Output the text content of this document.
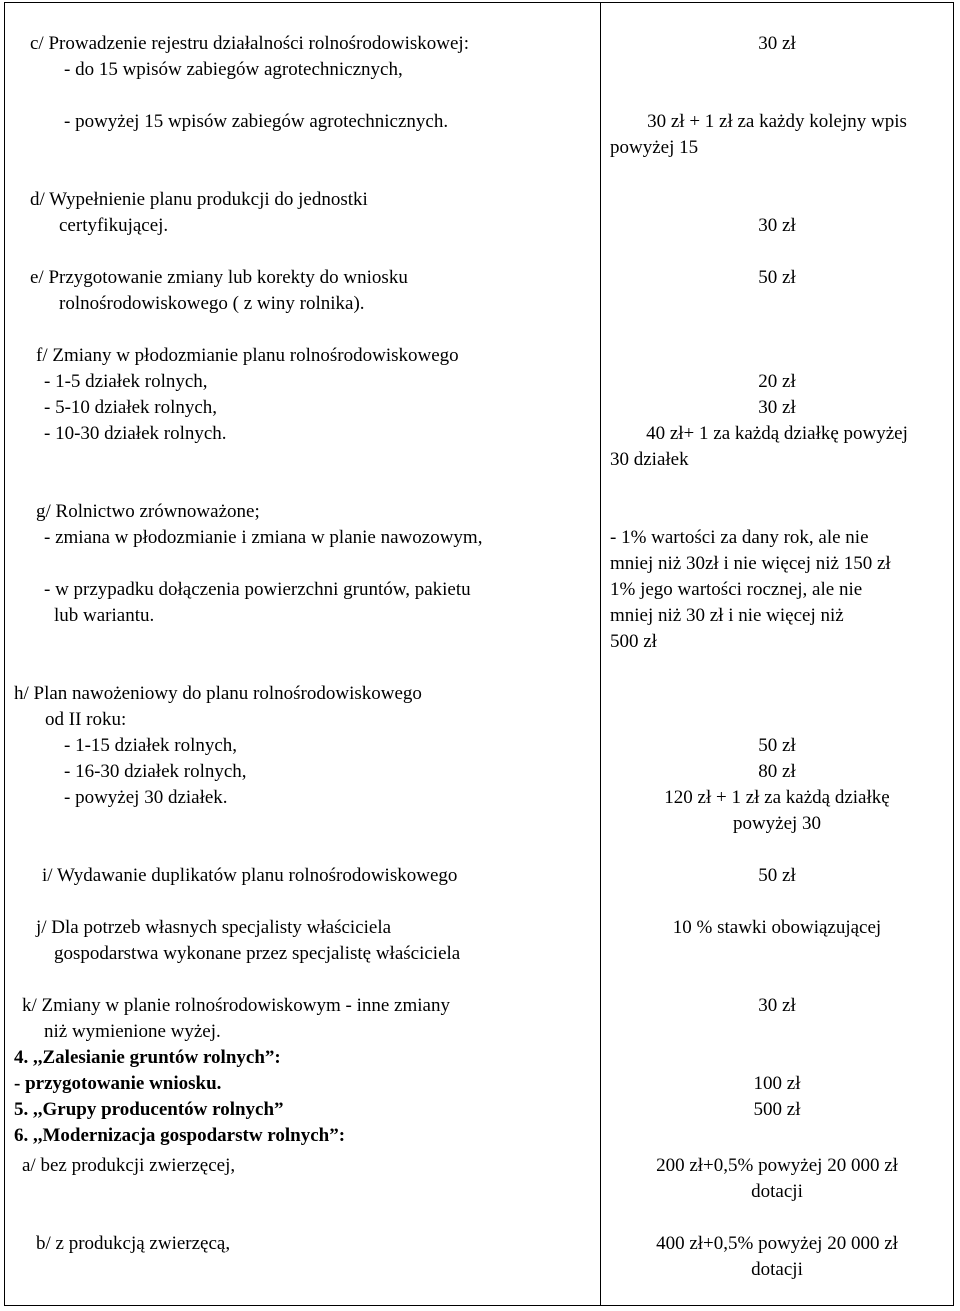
c/ Prowadzenie rejestru działalności rolnośrodowiskowej:
- do 15 wpisów zabiegów agrotechnicznych,
- powyżej 15 wpisów zabiegów agrotechnicznych.
d/ Wypełnienie planu produkcji do jednostki
certyfikującej.
e/ Przygotowanie zmiany lub korekty do wniosku
rolnośrodowiskowego ( z winy rolnika).
f/ Zmiany w płodozmianie planu rolnośrodowiskowego
- 1-5 działek rolnych,
- 5-10 działek rolnych,
- 10-30 działek rolnych.
g/ Rolnictwo zrównoważone;
- zmiana w płodozmianie i zmiana w planie nawozowym,
- w przypadku dołączenia powierzchni gruntów, pakietu
lub wariantu.
h/ Plan nawożeniowy do planu rolnośrodowiskowego
od II roku:
- 1-15 działek rolnych,
- 16-30 działek rolnych,
- powyżej 30 działek.
i/ Wydawanie duplikatów planu rolnośrodowiskowego
j/ Dla potrzeb własnych specjalisty właściciela
gospodarstwa wykonane przez specjalistę właściciela
k/ Zmiany w planie rolnośrodowiskowym - inne zmiany
niż wymienione wyżej.
4. ,,Zalesianie gruntów rolnych”:
- przygotowanie wniosku.
5. ,,Grupy producentów rolnych”
6. ,,Modernizacja gospodarstw rolnych”:
a/ bez produkcji zwierzęcej,
b/ z produkcją zwierzęcą,
30 zł
30 zł + 1 zł za każdy kolejny wpis
powyżej 15
30 zł
50 zł
20 zł
30 zł
40 zł+ 1 za każdą działkę powyżej
30 działek
- 1% wartości za dany rok, ale nie
mniej niż 30zł i nie więcej niż 150 zł
1% jego wartości rocznej, ale nie
mniej niż 30 zł i nie więcej niż
500 zł
50 zł
80 zł
120 zł + 1 zł za każdą działkę
powyżej 30
50 zł
10 % stawki obowiązującej
30 zł
100 zł
500 zł
200 zł+0,5% powyżej 20 000 zł
dotacji
400 zł+0,5% powyżej 20 000 zł
dotacji
